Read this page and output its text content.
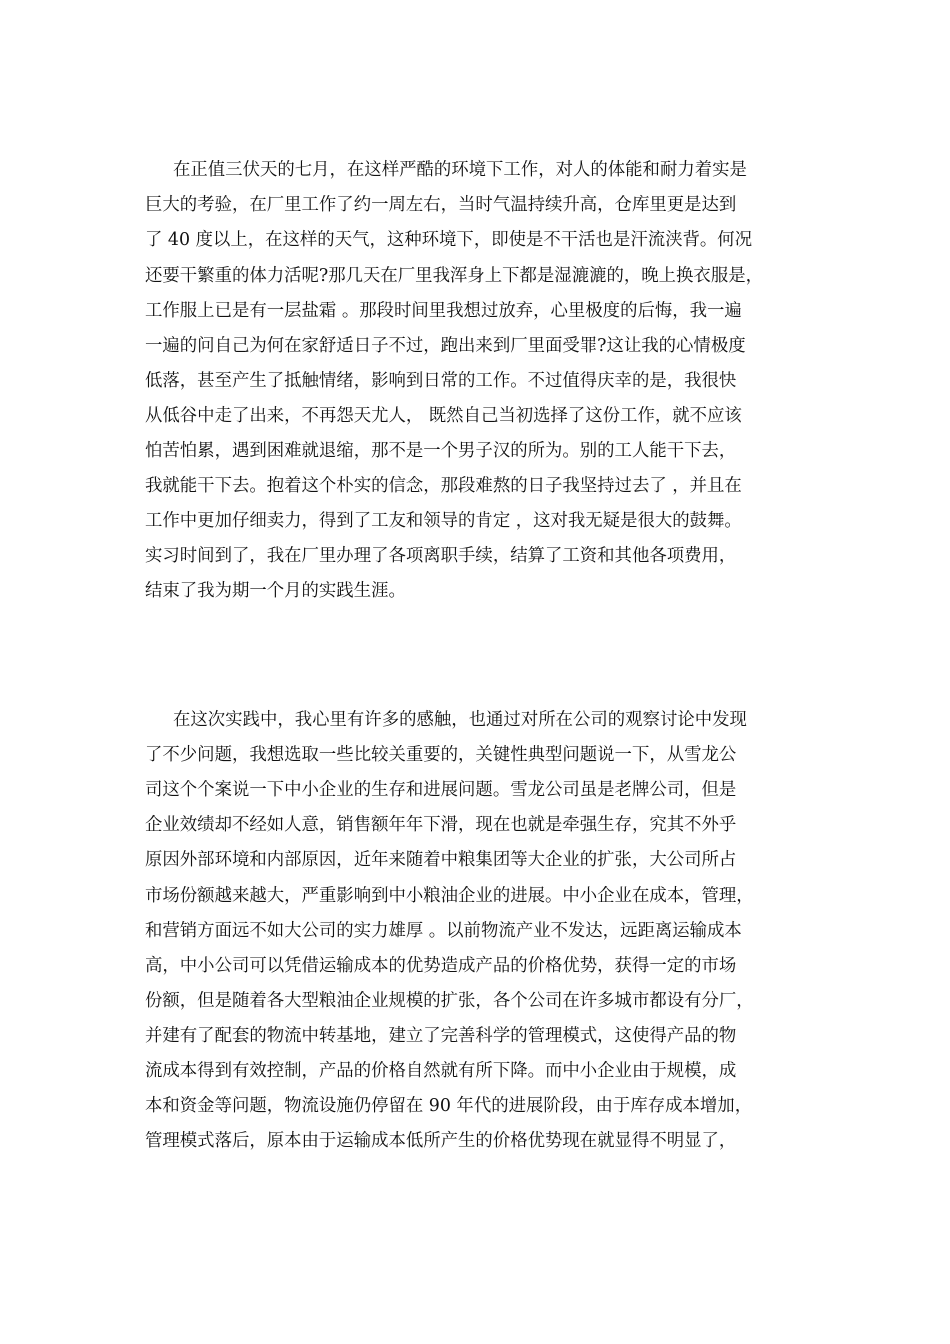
在正值三伏天的七月，在这样严酷的环境下工作，对人的体能和耐力着实是
巨大的考验，在厂里工作了约一周左右，当时气温持续升高，仓库里更是达到
了 40 度以上，在这样的天气，这种环境下，即使是不干活也是汗流浃背。何况
还要干繁重的体力活呢?那几天在厂里我浑身上下都是湿漉漉的，晚上换衣服是，
工作服上已是有一层盐霜 。那段时间里我想过放弃，心里极度的后悔，我一遍
一遍的问自己为何在家舒适日子不过，跑出来到厂里面受罪?这让我的心情极度
低落，甚至产生了抵触情绪，影响到日常的工作。不过值得庆幸的是，我很快
从低谷中走了出来，不再怨天尤人， 既然自己当初选择了这份工作，就不应该
怕苦怕累，遇到困难就退缩，那不是一个男子汉的所为。别的工人能干下去，
我就能干下去。抱着这个朴实的信念，那段难熬的日子我坚持过去了 ，并且在
工作中更加仔细卖力，得到了工友和领导的肯定 ，这对我无疑是很大的鼓舞。
实习时间到了，我在厂里办理了各项离职手续，结算了工资和其他各项费用，
结束了我为期一个月的实践生涯。
在这次实践中，我心里有许多的感触，也通过对所在公司的观察讨论中发现
了不少问题，我想选取一些比较关重要的，关键性典型问题说一下，从雪龙公
司这个个案说一下中小企业的生存和进展问题。雪龙公司虽是老牌公司，但是
企业效绩却不经如人意，销售额年年下滑，现在也就是牵强生存，究其不外乎
原因外部环境和内部原因，近年来随着中粮集团等大企业的扩张，大公司所占
市场份额越来越大，严重影响到中小粮油企业的进展。中小企业在成本，管理，
和营销方面远不如大公司的实力雄厚 。以前物流产业不发达，远距离运输成本
高，中小公司可以凭借运输成本的优势造成产品的价格优势，获得一定的市场
份额，但是随着各大型粮油企业规模的扩张，各个公司在许多城市都设有分厂，
并建有了配套的物流中转基地，建立了完善科学的管理模式，这使得产品的物
流成本得到有效控制，产品的价格自然就有所下降。而中小企业由于规模，成
本和资金等问题，物流设施仍停留在 90 年代的进展阶段，由于库存成本增加，
管理模式落后，原本由于运输成本低所产生的价格优势现在就显得不明显了，
